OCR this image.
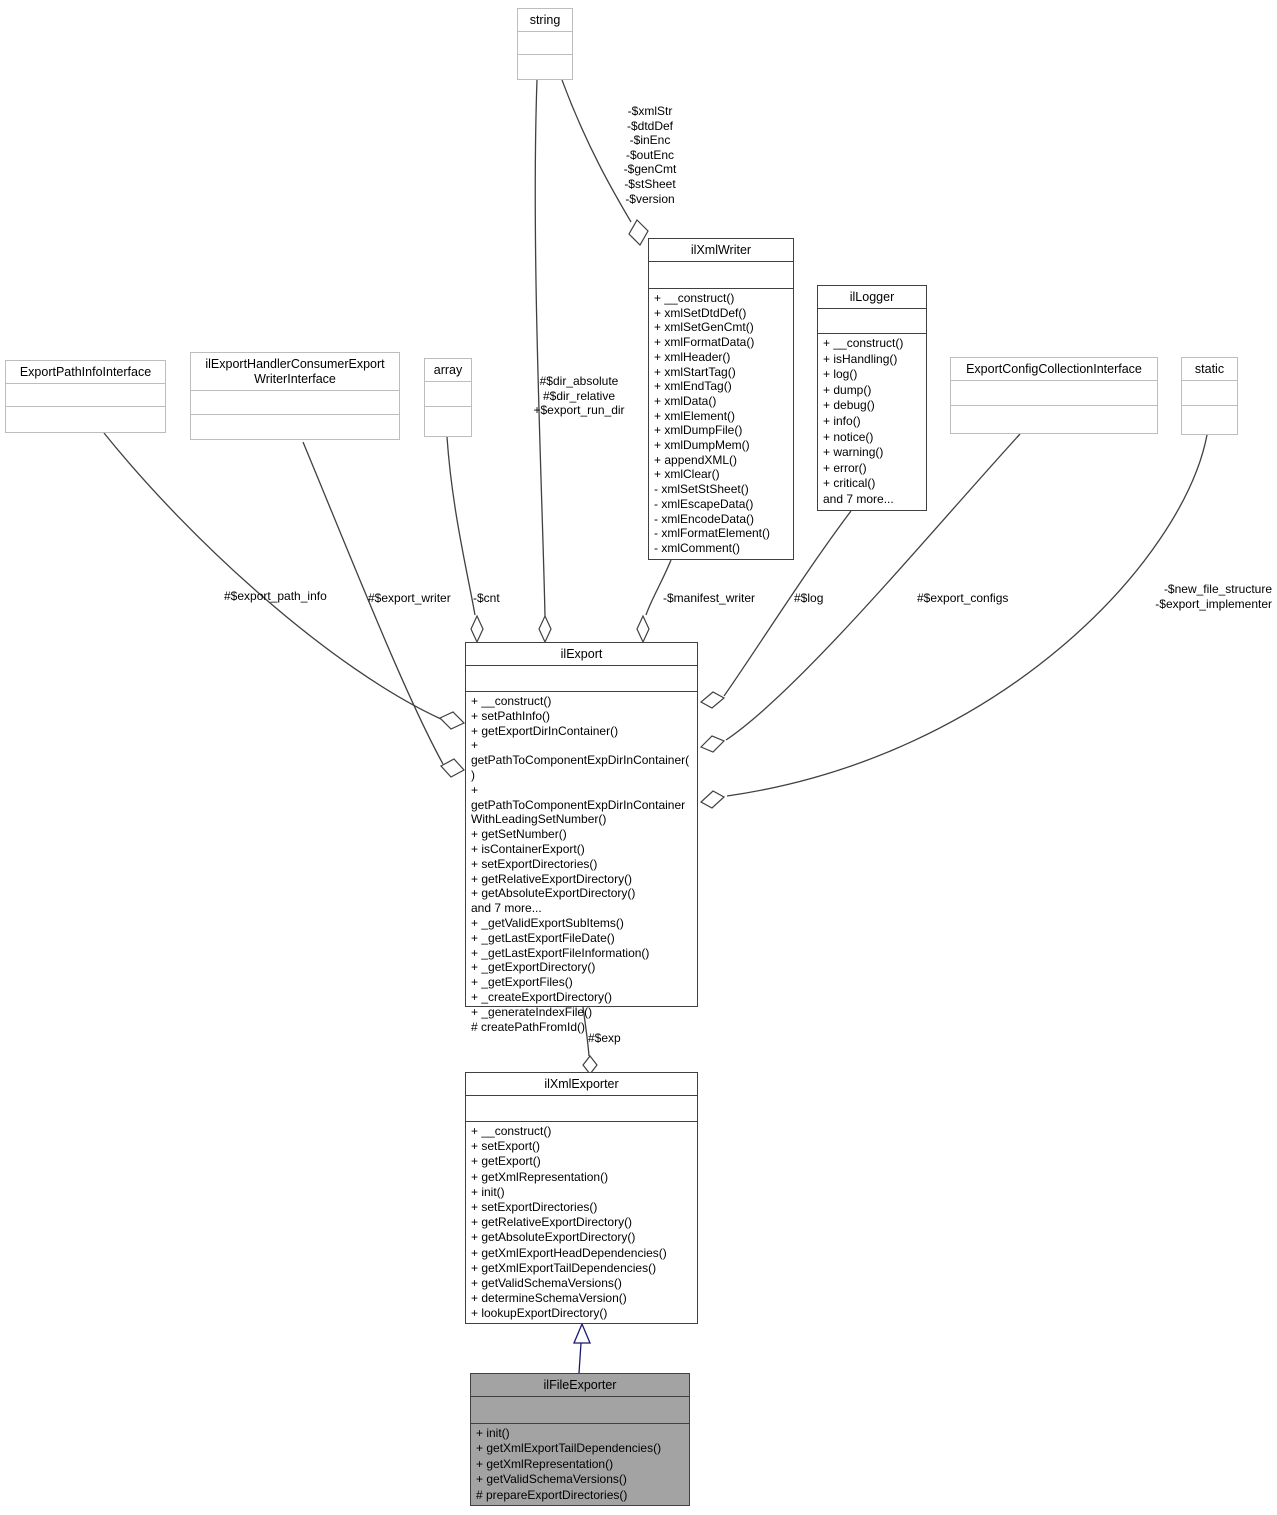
string
ilXmlWriter
+ __construct()
+ xmlSetDtdDef()
+ xmlSetGenCmt()
+ xmlFormatData()
+ xmlHeader()
+ xmlStartTag()
+ xmlEndTag()
+ xmlData()
+ xmlElement()
+ xmlDumpFile()
+ xmlDumpMem()
+ appendXML()
+ xmlClear()
- xmlSetStSheet()
- xmlEscapeData()
- xmlEncodeData()
- xmlFormatElement()
- xmlComment()
ilLogger
+ __construct()
+ isHandling()
+ log()
+ dump()
+ debug()
+ info()
+ notice()
+ warning()
+ error()
+ critical()
and 7 more...
ExportPathInfoInterface
ilExportHandlerConsumerExport WriterInterface
array	ExportConfigCollectionInterface	static
ilExport
+ __construct()
+ setPathInfo()
+ getExportDirInContainer()
+ getPathToComponentExpDirInContainer()
+ getPathToComponentExpDirInContainerWithLeadingSetNumber()
+ getSetNumber()
+ isContainerExport()
+ setExportDirectories()
+ getRelativeExportDirectory()
+ getAbsoluteExportDirectory()
and 7 more...
+ _getValidExportSubItems()
+ _getLastExportFileDate()
+ _getLastExportFileInformation()
+ _getExportDirectory()
+ _getExportFiles()
+ _createExportDirectory()
+ _generateIndexFile()
# createPathFromId()
ilXmlExporter
+ __construct()
+ setExport()
+ getExport()
+ getXmlRepresentation()
+ init()
+ setExportDirectories()
+ getRelativeExportDirectory()
+ getAbsoluteExportDirectory()
+ getXmlExportHeadDependencies()
+ getXmlExportTailDependencies()
+ getValidSchemaVersions()
+ determineSchemaVersion()
+ lookupExportDirectory()
ilFileExporter
+ init()
+ getXmlExportTailDependencies()
+ getXmlRepresentation()
+ getValidSchemaVersions()
# prepareExportDirectories()
-$xmlStr
-$dtdDef
-$inEnc
-$outEnc
-$genCmt
-$stSheet
-$version
#$dir_absolute
#$dir_relative
+$export_run_dir
#$export_path_info	#$export_writer -$cnt	-$manifest_writer	#$log	#$export_configs
-$new_file_structure
-$export_implementer
#$exp
